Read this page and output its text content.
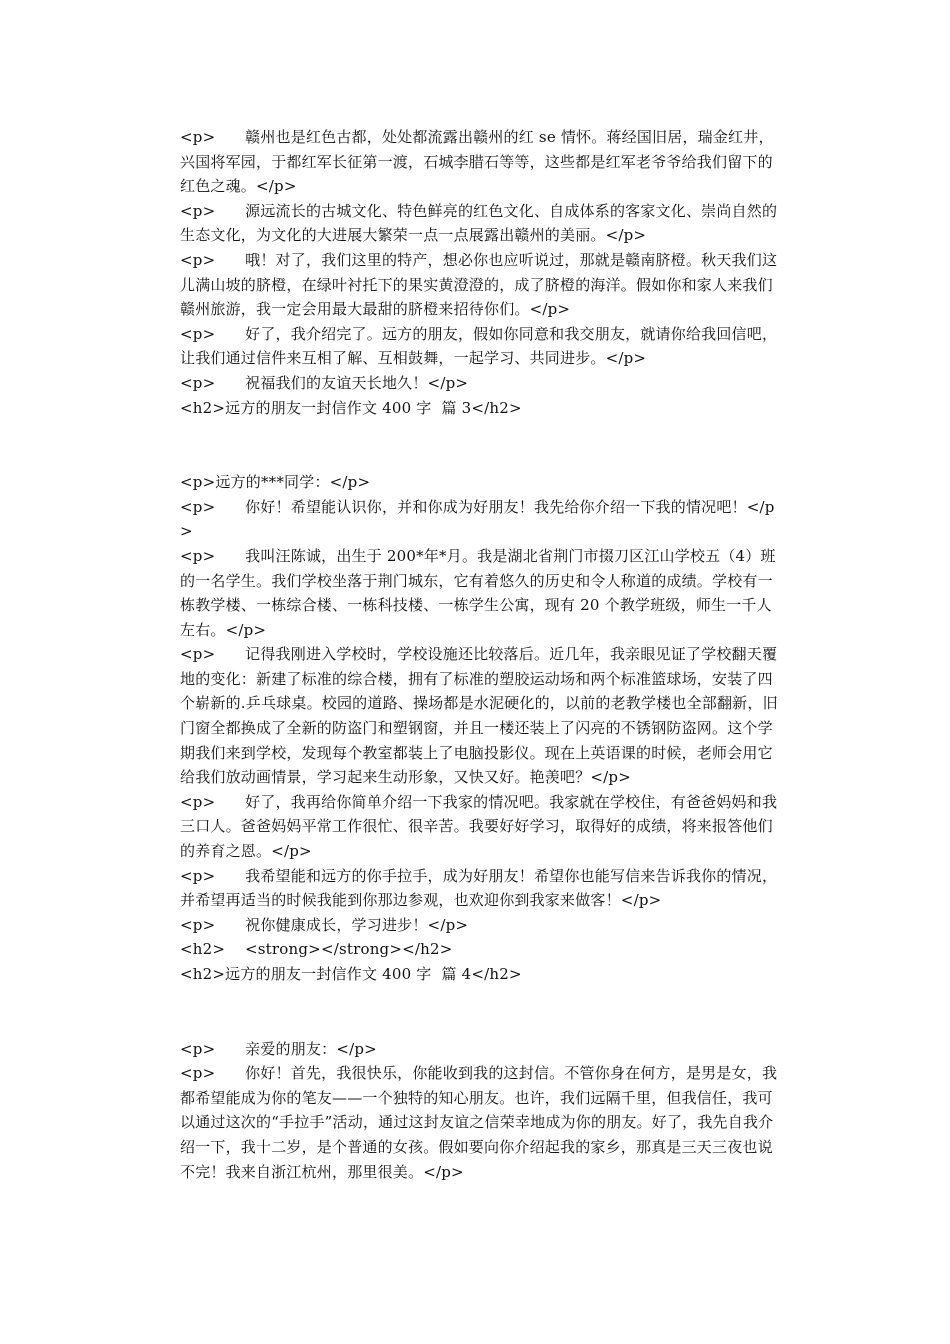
<p>      赣州也是红色古都，处处都流露出赣州的红 se 情怀。蒋经国旧居，瑞金红井，兴国将军园，于都红军长征第一渡，石城李腊石等等，这些都是红军老爷爷给我们留下的红色之魂。</p>
<p>      源远流长的古城文化、特色鲜亮的红色文化、自成体系的客家文化、崇尚自然的生态文化，为文化的大进展大繁荣一点一点展露出赣州的美丽。</p>
<p>      哦！对了，我们这里的特产，想必你也应听说过，那就是赣南脐橙。秋天我们这儿满山坡的脐橙，在绿叶衬托下的果实黄澄澄的，成了脐橙的海洋。假如你和家人来我们赣州旅游，我一定会用最大最甜的脐橙来招待你们。</p>
<p>      好了，我介绍完了。远方的朋友，假如你同意和我交朋友，就请你给我回信吧，让我们通过信件来互相了解、互相鼓舞，一起学习、共同进步。</p>
<p>      祝福我们的友谊天长地久！</p>
<h2>远方的朋友一封信作文 400 字  篇 3</h2>
<p>远方的***同学：</p>
<p>      你好！希望能认识你，并和你成为好朋友！我先给你介绍一下我的情况吧！</p>
<p>      我叫汪陈诚，出生于 200*年*月。我是湖北省荆门市掇刀区江山学校五（4）班的一名学生。我们学校坐落于荆门城东，它有着悠久的历史和令人称道的成绩。学校有一栋教学楼、一栋综合楼、一栋科技楼、一栋学生公寓，现有 20 个教学班级，师生一千人左右。</p>
<p>      记得我刚进入学校时，学校设施还比较落后。近几年，我亲眼见证了学校翻天覆地的变化：新建了标准的综合楼，拥有了标准的塑胶运动场和两个标准篮球场，安装了四个崭新的.乒乓球桌。校园的道路、操场都是水泥硬化的，以前的老教学楼也全部翻新，旧门窗全都换成了全新的防盗门和塑钢窗，并且一楼还装上了闪亮的不锈钢防盗网。这个学期我们来到学校，发现每个教室都装上了电脑投影仪。现在上英语课的时候，老师会用它给我们放动画情景，学习起来生动形象，又快又好。艳羡吧？</p>
<p>      好了，我再给你简单介绍一下我家的情况吧。我家就在学校住，有爸爸妈妈和我三口人。爸爸妈妈平常工作很忙、很辛苦。我要好好学习，取得好的成绩，将来报答他们的养育之恩。</p>
<p>      我希望能和远方的你手拉手，成为好朋友！希望你也能写信来告诉我你的情况，并希望再适当的时候我能到你那边参观，也欢迎你到我家来做客！</p>
<p>      祝你健康成长，学习进步！</p>
<h2>    <strong></strong></h2>
<h2>远方的朋友一封信作文 400 字  篇 4</h2>
<p>      亲爱的朋友：</p>
<p>      你好！首先，我很快乐，你能收到我的这封信。不管你身在何方，是男是女，我都希望能成为你的笔友——一个独特的知心朋友。也许，我们远隔千里，但我信任，我可以通过这次的“手拉手”活动，通过这封友谊之信荣幸地成为你的朋友。好了，我先自我介绍一下，我十二岁，是个普通的女孩。假如要向你介绍起我的家乡，那真是三天三夜也说不完！我来自浙江杭州，那里很美。</p>
